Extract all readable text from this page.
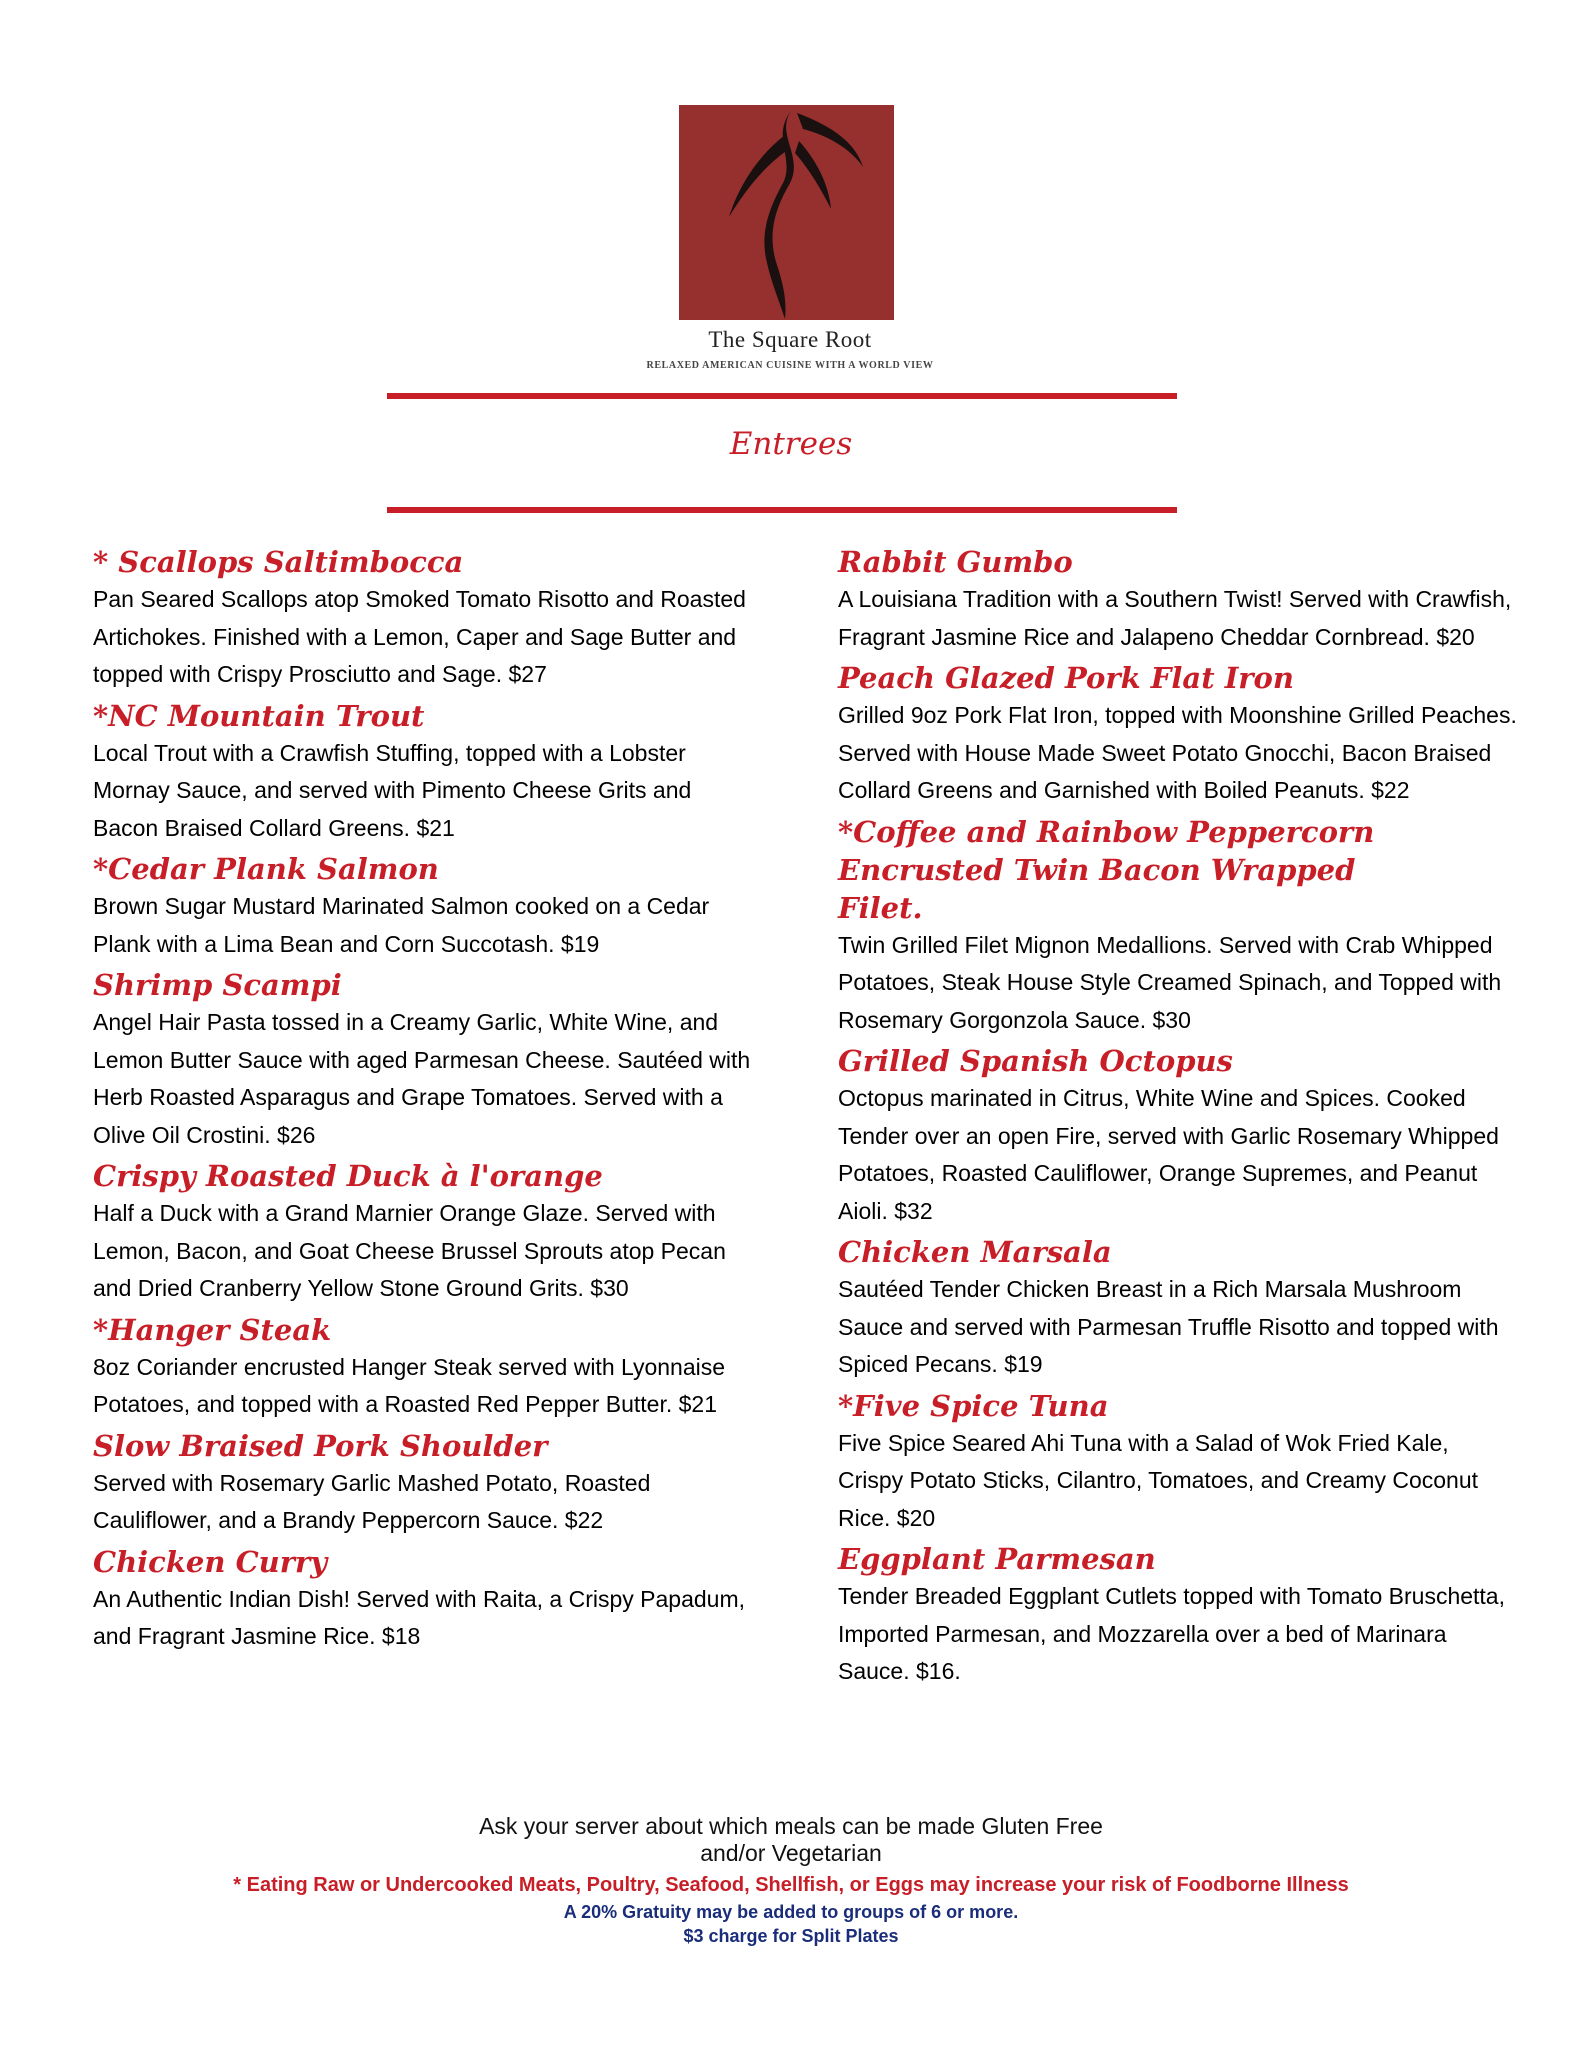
The Square Root
RELAXED AMERICAN CUISINE WITH A WORLD VIEW
Entrees
* Scallops Saltimbocca

Pan Seared Scallops atop Smoked Tomato Risotto and Roasted Artichokes. Finished with a Lemon, Caper and Sage Butter and topped with Crispy Prosciutto and Sage. $27

*NC Mountain Trout

Local Trout with a Crawfish Stuffing, topped with a Lobster Mornay Sauce, and served with Pimento Cheese Grits and Bacon Braised Collard Greens. $21

*Cedar Plank Salmon

Brown Sugar Mustard Marinated Salmon cooked on a Cedar Plank with a Lima Bean and Corn Succotash. $19

Shrimp Scampi

Angel Hair Pasta tossed in a Creamy Garlic, White Wine, and Lemon Butter Sauce with aged Parmesan Cheese. Sautéed with Herb Roasted Asparagus and Grape Tomatoes. Served with a Olive Oil Crostini. $26

Crispy Roasted Duck à l'orange

Half a Duck with a Grand Marnier Orange Glaze. Served with Lemon, Bacon, and Goat Cheese Brussel Sprouts atop Pecan and Dried Cranberry Yellow Stone Ground Grits. $30

*Hanger Steak

8oz Coriander encrusted Hanger Steak served with Lyonnaise Potatoes, and topped with a Roasted Red Pepper Butter. $21

Slow Braised Pork Shoulder

Served with Rosemary Garlic Mashed Potato, Roasted Cauliflower, and a Brandy Peppercorn Sauce. $22

Chicken Curry

An Authentic Indian Dish! Served with Raita, a Crispy Papadum, and Fragrant Jasmine Rice. $18

Rabbit Gumbo

A Louisiana Tradition with a Southern Twist! Served with Crawfish, Fragrant Jasmine Rice and Jalapeno Cheddar Cornbread. $20

Peach Glazed Pork Flat Iron

Grilled 9oz Pork Flat Iron, topped with Moonshine Grilled Peaches. Served with House Made Sweet Potato Gnocchi, Bacon Braised Collard Greens and Garnished with Boiled Peanuts. $22

*Coffee and Rainbow Peppercorn Encrusted Twin Bacon Wrapped Filet.

Twin Grilled Filet Mignon Medallions. Served with Crab Whipped Potatoes, Steak House Style Creamed Spinach, and Topped with Rosemary Gorgonzola Sauce. $30

Grilled Spanish Octopus

Octopus marinated in Citrus, White Wine and Spices. Cooked Tender over an open Fire, served with Garlic Rosemary Whipped Potatoes, Roasted Cauliflower, Orange Supremes, and Peanut Aioli. $32

Chicken Marsala

Sautéed Tender Chicken Breast in a Rich Marsala Mushroom Sauce and served with Parmesan Truffle Risotto and topped with Spiced Pecans. $19

*Five Spice Tuna

Five Spice Seared Ahi Tuna with a Salad of Wok Fried Kale, Crispy Potato Sticks, Cilantro, Tomatoes, and Creamy Coconut Rice. $20

Eggplant Parmesan

Tender Breaded Eggplant Cutlets topped with Tomato Bruschetta, Imported Parmesan, and Mozzarella over a bed of Marinara Sauce. $16.

Ask your server about which meals can be made Gluten Free
and/or Vegetarian
* Eating Raw or Undercooked Meats, Poultry, Seafood, Shellfish, or Eggs may increase your risk of Foodborne Illness
A 20% Gratuity may be added to groups of 6 or more.
$3 charge for Split Plates
